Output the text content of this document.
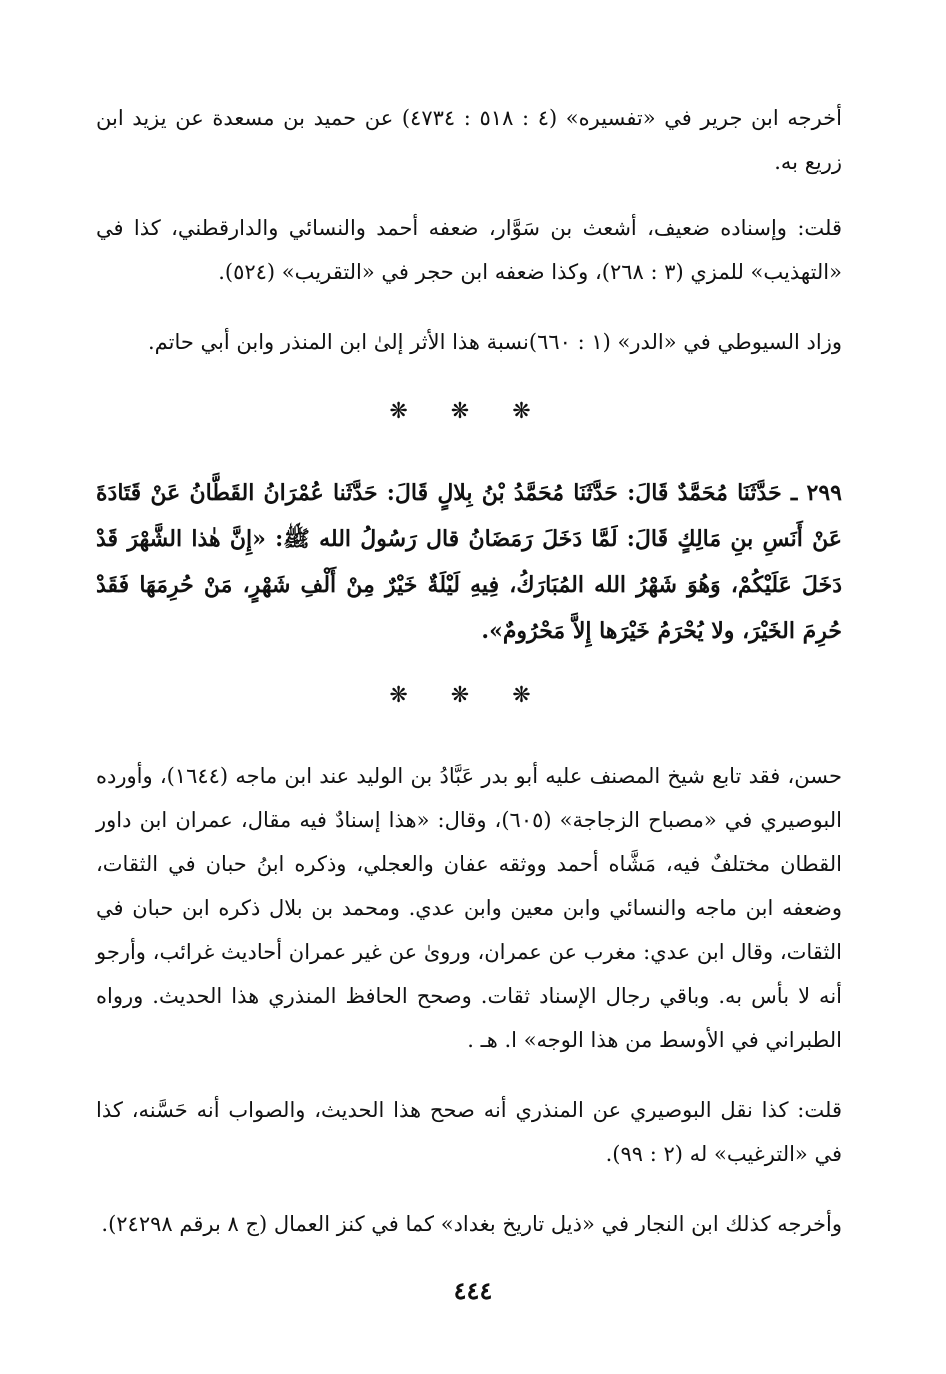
أخرجه ابن جرير في «تفسيره» (٤ : ٥١٨ : ٤٧٣٤) عن حميد بن مسعدة عن يزيد ابن زريع به.

قلت: وإسناده ضعيف، أشعث بن سَوَّار، ضعفه أحمد والنسائي والدارقطني، كذا في «التهذيب» للمزي (٣ : ٢٦٨)، وكذا ضعفه ابن حجر في «التقريب» (٥٢٤).

وزاد السيوطي في «الدر» (١ : ٦٦٠)نسبة هذا الأثر إلىٰ ابن المنذر وابن أبي حاتم.

❋ ❋ ❋

٢٩٩ ـ حَدَّثَنَا مُحَمَّدٌ قَالَ: حَدَّثَنَا مُحَمَّدُ بْنُ بِلالٍ قَالَ: حَدَّثَنا عُمْرَانُ القَطَّانُ عَنْ قَتَادَةَ عَنْ أَنَسِ بنِ مَالِكٍ قَالَ: لَمَّا دَخَلَ رَمَضَانُ قال رَسُولُ الله ﷺ: «إِنَّ هٰذا الشَّهْرَ قَدْ دَخَلَ عَلَيْكُمْ، وَهُوَ شَهْرُ الله المُبَارَكُ، فِيهِ لَيْلَةٌ خَيْرٌ مِنْ أَلْفِ شَهْرٍ، مَنْ حُرِمَهَا فَقَدْ حُرِمَ الخَيْرَ، ولا يُحْرَمُ خَيْرَها إِلاَّ مَحْرُومٌ».

❋ ❋ ❋

حسن، فقد تابع شيخ المصنف عليه أبو بدر عَبَّادُ بن الوليد عند ابن ماجه (١٦٤٤)، وأورده البوصيري في «مصباح الزجاجة» (٦٠٥)، وقال: «هذا إسنادٌ فيه مقال، عمران ابن داور القطان مختلفٌ فيه، مَشَّاه أحمد ووثقه عفان والعجلي، وذكره ابنُ حبان في الثقات، وضعفه ابن ماجه والنسائي وابن معين وابن عدي. ومحمد بن بلال ذكره ابن حبان في الثقات، وقال ابن عدي: مغرب عن عمران، وروىٰ عن غير عمران أحاديث غرائب، وأرجو أنه لا بأس به. وباقي رجال الإسناد ثقات. وصحح الحافظ المنذري هذا الحديث. ورواه الطبراني في الأوسط من هذا الوجه» ا. هـ .

قلت: كذا نقل البوصيري عن المنذري أنه صحح هذا الحديث، والصواب أنه حَسَّنه، كذا في «الترغيب» له (٢ : ٩٩).

وأخرجه كذلك ابن النجار في «ذيل تاريخ بغداد» كما في كنز العمال (ج ٨ برقم ٢٤٢٩٨).

٤٤٤
